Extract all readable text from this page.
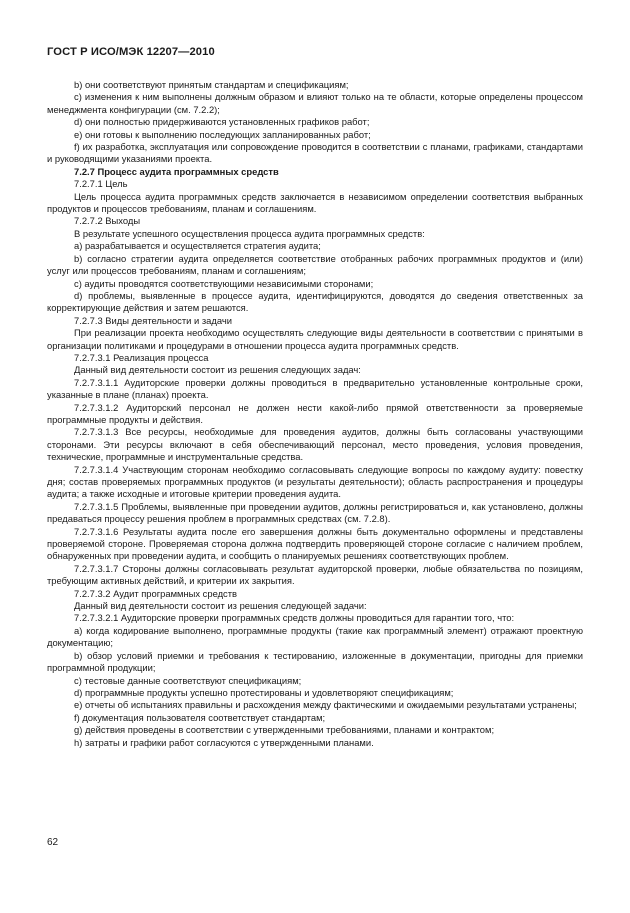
ГОСТ Р ИСО/МЭК 12207—2010

b) они соответствуют принятым стандартам и спецификациям;

c) изменения к ним выполнены должным образом и влияют только на те области, которые определены процессом менеджмента конфигурации (см. 7.2.2);

d) они полностью придерживаются установленных графиков работ;

e) они готовы к выполнению последующих запланированных работ;

f) их разработка, эксплуатация или сопровождение проводится в соответствии с планами, графиками, стандартами и руководящими указаниями проекта.

7.2.7 Процесс аудита программных средств

7.2.7.1 Цель

Цель процесса аудита программных средств заключается в независимом определении соответствия выбранных продуктов и процессов требованиям, планам и соглашениям.

7.2.7.2 Выходы

В результате успешного осуществления процесса аудита программных средств:

a) разрабатывается и осуществляется стратегия аудита;

b) согласно стратегии аудита определяется соответствие отобранных рабочих программных продуктов и (или) услуг или процессов требованиям, планам и соглашениям;

c) аудиты проводятся соответствующими независимыми сторонами;

d) проблемы, выявленные в процессе аудита, идентифицируются, доводятся до сведения ответственных за корректирующие действия и затем решаются.

7.2.7.3 Виды деятельности и задачи

При реализации проекта необходимо осуществлять следующие виды деятельности в соответствии с принятыми в организации политиками и процедурами в отношении процесса аудита программных средств.

7.2.7.3.1 Реализация процесса

Данный вид деятельности состоит из решения следующих задач:

7.2.7.3.1.1 Аудиторские проверки должны проводиться в предварительно установленные контрольные сроки, указанные в плане (планах) проекта.

7.2.7.3.1.2 Аудиторский персонал не должен нести какой-либо прямой ответственности за проверяемые программные продукты и действия.

7.2.7.3.1.3 Все ресурсы, необходимые для проведения аудитов, должны быть согласованы участвующими сторонами. Эти ресурсы включают в себя обеспечивающий персонал, место проведения, условия проведения, технические, программные и инструментальные средства.

7.2.7.3.1.4 Участвующим сторонам необходимо согласовывать следующие вопросы по каждому аудиту: повестку дня; состав проверяемых программных продуктов (и результаты деятельности); область распространения и процедуры аудита; а также исходные и итоговые критерии проведения аудита.

7.2.7.3.1.5 Проблемы, выявленные при проведении аудитов, должны регистрироваться и, как установлено, должны предаваться процессу решения проблем в программных средствах (см. 7.2.8).

7.2.7.3.1.6 Результаты аудита после его завершения должны быть документально оформлены и представлены проверяемой стороне. Проверяемая сторона должна подтвердить проверяющей стороне согласие с наличием проблем, обнаруженных при проведении аудита, и сообщить о планируемых решениях соответствующих проблем.

7.2.7.3.1.7 Стороны должны согласовывать результат аудиторской проверки, любые обязательства по позициям, требующим активных действий, и критерии их закрытия.

7.2.7.3.2 Аудит программных средств

Данный вид деятельности состоит из решения следующей задачи:

7.2.7.3.2.1 Аудиторские проверки программных средств должны проводиться для гарантии того, что:

a) когда кодирование выполнено, программные продукты (такие как программный элемент) отражают проектную документацию;

b) обзор условий приемки и требования к тестированию, изложенные в документации, пригодны для приемки программной продукции;

c) тестовые данные соответствуют спецификациям;

d) программные продукты успешно протестированы и удовлетворяют спецификациям;

e) отчеты об испытаниях правильны и расхождения между фактическими и ожидаемыми результатами устранены;

f) документация пользователя соответствует стандартам;

g) действия проведены в соответствии с утвержденными требованиями, планами и контрактом;

h) затраты и графики работ согласуются с утвержденными планами.

62
